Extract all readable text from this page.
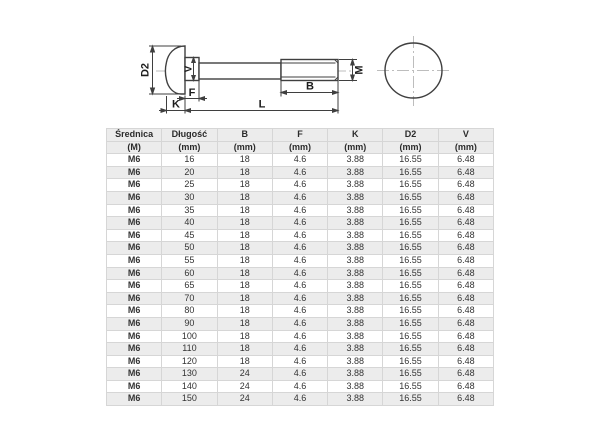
D2	V
F
K
B
L
M
Średnica	Długość	B	F	K	D2	V
(M)	(mm)	(mm)	(mm)	(mm)	(mm)	(mm)
M6	16	18	4.6	3.88	16.55	6.48
M6	20	18	4.6	3.88	16.55	6.48
M6	25	18	4.6	3.88	16.55	6.48
M6	30	18	4.6	3.88	16.55	6.48
M6	35	18	4.6	3.88	16.55	6.48
M6	40	18	4.6	3.88	16.55	6.48
M6	45	18	4.6	3.88	16.55	6.48
M6	50	18	4.6	3.88	16.55	6.48
M6	55	18	4.6	3.88	16.55	6.48
M6	60	18	4.6	3.88	16.55	6.48
M6	65	18	4.6	3.88	16.55	6.48
M6	70	18	4.6	3.88	16.55	6.48
M6	80	18	4.6	3.88	16.55	6.48
M6	90	18	4.6	3.88	16.55	6.48
M6	100	18	4.6	3.88	16.55	6.48
M6	110	18	4.6	3.88	16.55	6.48
M6	120	18	4.6	3.88	16.55	6.48
M6	130	24	4.6	3.88	16.55	6.48
M6	140	24	4.6	3.88	16.55	6.48
M6	150	24	4.6	3.88	16.55	6.48
